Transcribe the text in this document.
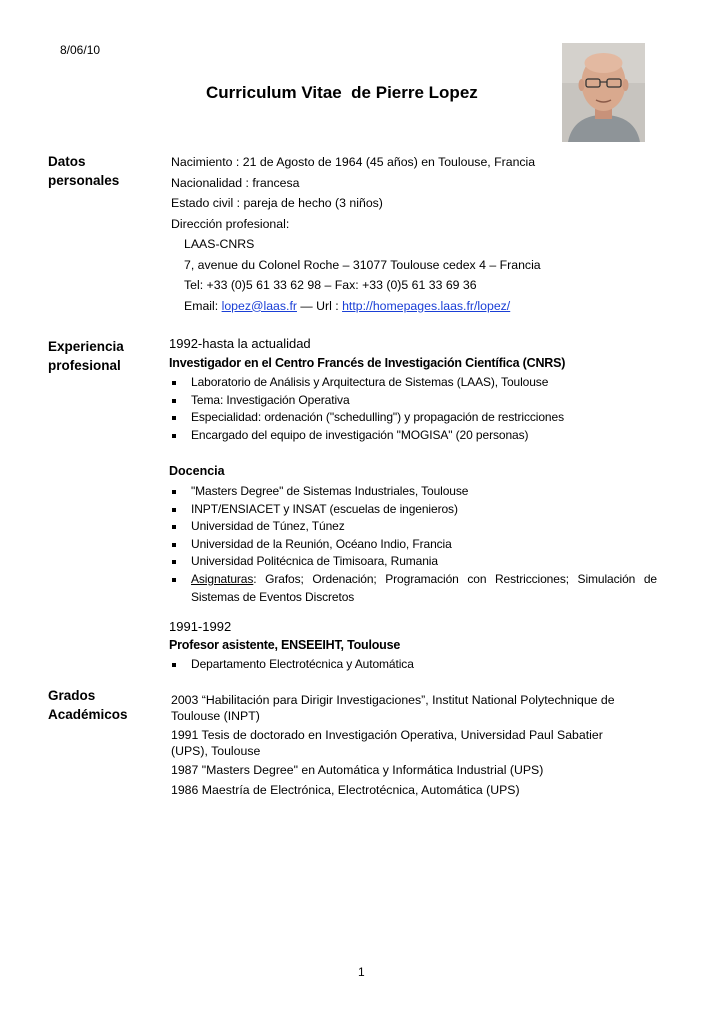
8/06/10
Curriculum Vitae  de Pierre Lopez
Datos
personales
Nacimiento : 21 de Agosto de 1964 (45 años) en Toulouse, Francia
Nacionalidad : francesa
Estado civil : pareja de hecho (3 niños)
Dirección profesional:
LAAS-CNRS
7, avenue du Colonel Roche – 31077 Toulouse cedex 4 – Francia
Tel: +33 (0)5 61 33 62 98 – Fax: +33 (0)5 61 33 69 36
Email: lopez@laas.fr — Url : http://homepages.laas.fr/lopez/
Experiencia
profesional
1992-hasta la actualidad
Investigador en el Centro Francés de Investigación Científica (CNRS)
Laboratorio de Análisis y Arquitectura de Sistemas (LAAS), Toulouse
Tema: Investigación Operativa
Especialidad: ordenación ("schedulling") y propagación de restricciones
Encargado del equipo de investigación "MOGISA" (20 personas)
Docencia
"Masters Degree" de Sistemas Industriales, Toulouse
INPT/ENSIACET y INSAT (escuelas de ingenieros)
Universidad de Túnez, Túnez
Universidad de la Reunión, Océano Indio, Francia
Universidad Politécnica de Timisoara, Rumania
Asignaturas: Grafos; Ordenación; Programación con Restricciones; Simulación de Sistemas de Eventos Discretos
1991-1992
Profesor asistente, ENSEEIHT, Toulouse
Departamento Electrotécnica y Automática
Grados
Académicos
2003 “Habilitación para Dirigir Investigaciones”, Institut National Polytechnique de Toulouse (INPT)
1991 Tesis de doctorado en Investigación Operativa, Universidad Paul Sabatier (UPS), Toulouse
1987 "Masters Degree" en Automática y Informática Industrial (UPS)
1986 Maestría de Electrónica, Electrotécnica, Automática (UPS)
1
